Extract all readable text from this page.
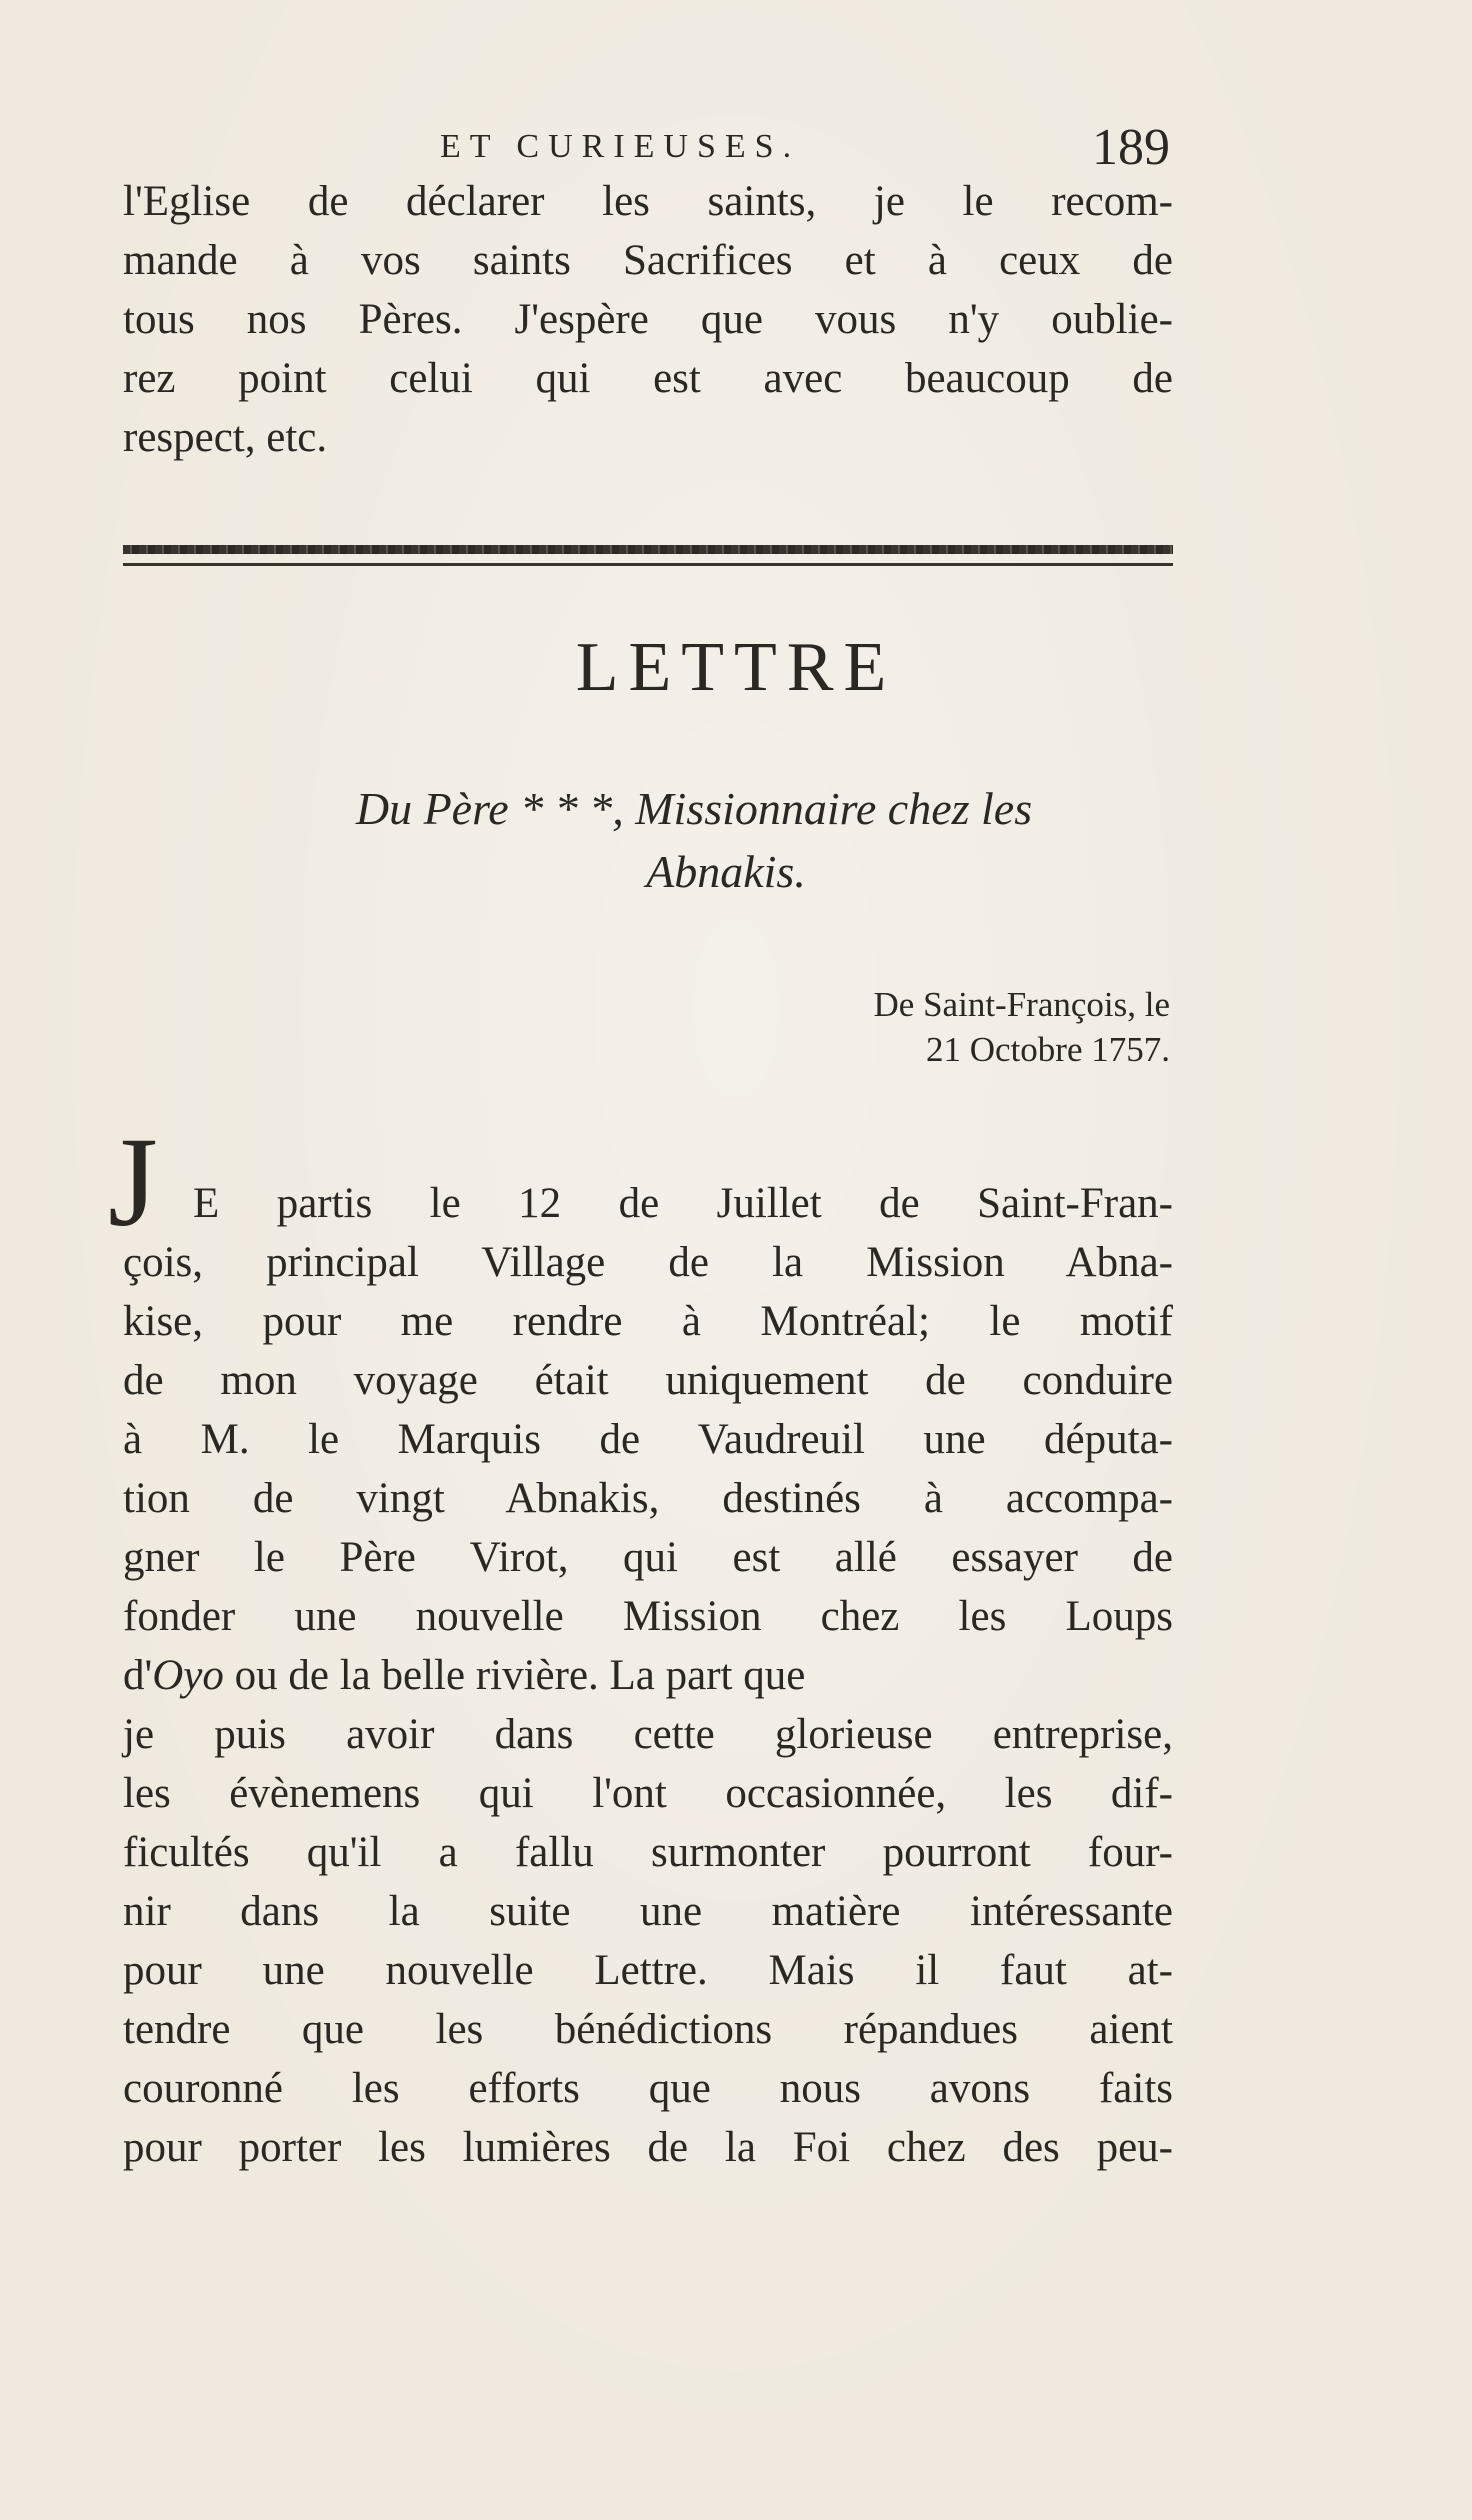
ET CURIEUSES.	189
l'Eglise de déclarer les saints, je le recom-
mande à vos saints Sacrifices et à ceux de
tous nos Pères. J'espère que vous n'y oublie-
rez point celui qui est avec beaucoup de
respect, etc.
LETTRE
Du Père * * *, Missionnaire chez les
Abnakis.
De Saint-François, le
21 Octobre 1757.
J E partis le 12 de Juillet de Saint-Fran-
çois, principal Village de la Mission Abna-
kise, pour me rendre à Montréal; le motif
de mon voyage était uniquement de conduire
à M. le Marquis de Vaudreuil une députa-
tion de vingt Abnakis, destinés à accompa-
gner le Père Virot, qui est allé essayer de
fonder une nouvelle Mission chez les Loups
d'Oyo ou de la belle rivière. La part que
je puis avoir dans cette glorieuse entreprise,
les évènemens qui l'ont occasionnée, les dif-
ficultés qu'il a fallu surmonter pourront four-
nir dans la suite une matière intéressante
pour une nouvelle Lettre. Mais il faut at-
tendre que les bénédictions répandues aient
couronné les efforts que nous avons faits
pour porter les lumières de la Foi chez des peu-
